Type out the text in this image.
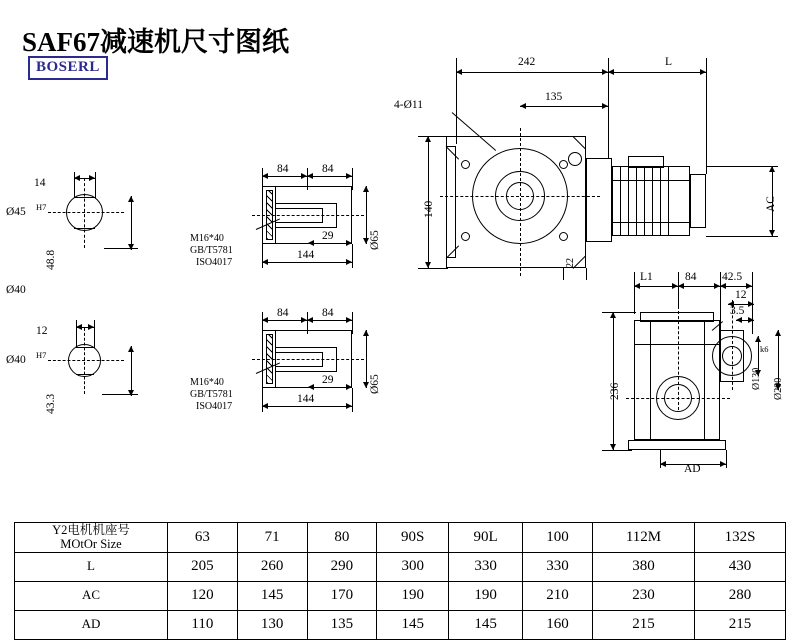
SAF67减速机尺寸图纸
BOSERL
14
Ø45 H7
48.8
Ø40
12
Ø40 H7
43.3
84	84
29
144
Ø65
M16*40
GB/T5781
ISO4017
84	84
29
144
Ø65
M16*40
GB/T5781
ISO4017
242	L
135
4-Ø11
140
22
AC
L1	84 42.5
12
3.5
236
Ø130
k6
Ø200
AD
Y2电机机座号
MOtOr Size	63	71	80	90S	90L	100	112M	132S
L	205	260	290	300	330	330	380	430
AC	120	145	170	190	190	210	230	280
AD	110	130	135	145	145	160	215	215
